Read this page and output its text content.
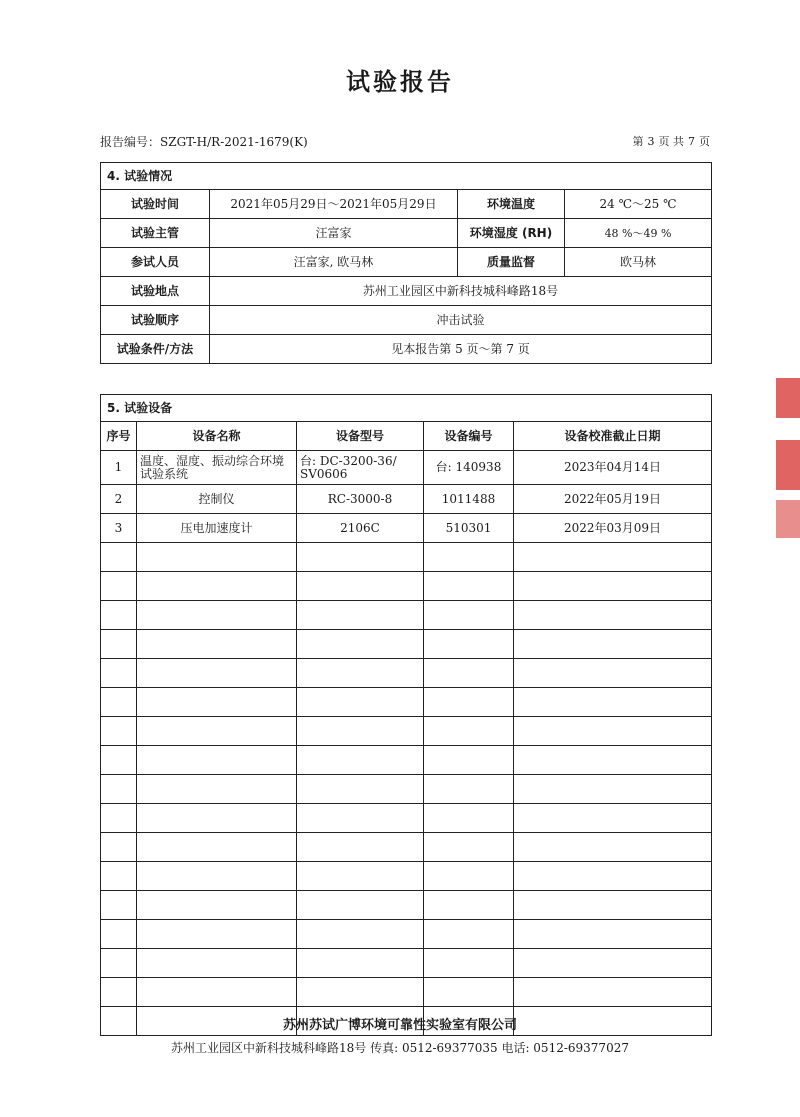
试验报告
报告编号：SZGT-H/R-2021-1679(K)	第 3 页 共 7 页
4. 试验情况			
试验时间	2021年05月29日～2021年05月29日	环境温度	24 ℃～25 ℃
试验主管	汪富家	环境湿度 (RH)	48 %～49 %
参试人员	汪富家, 欧马林	质量监督	欧马林
试验地点	苏州工业园区中新科技城科峰路18号		
试验顺序	冲击试验		
试验条件/方法	见本报告第 5 页～第 7 页		
5. 试验设备				
序号	设备名称	设备型号	设备编号	设备校准截止日期
1	温度、湿度、振动综合环境试验系统	台: DC-3200-36/ SV0606	台: 140938	2023年04月14日
2	控制仪	RC-3000-8	1011488	2022年05月19日
3	压电加速度计	2106C	510301	2022年03月09日

苏州苏试广博环境可靠性实验室有限公司
苏州工业园区中新科技城科峰路18号 传真: 0512-69377035 电话: 0512-69377027
